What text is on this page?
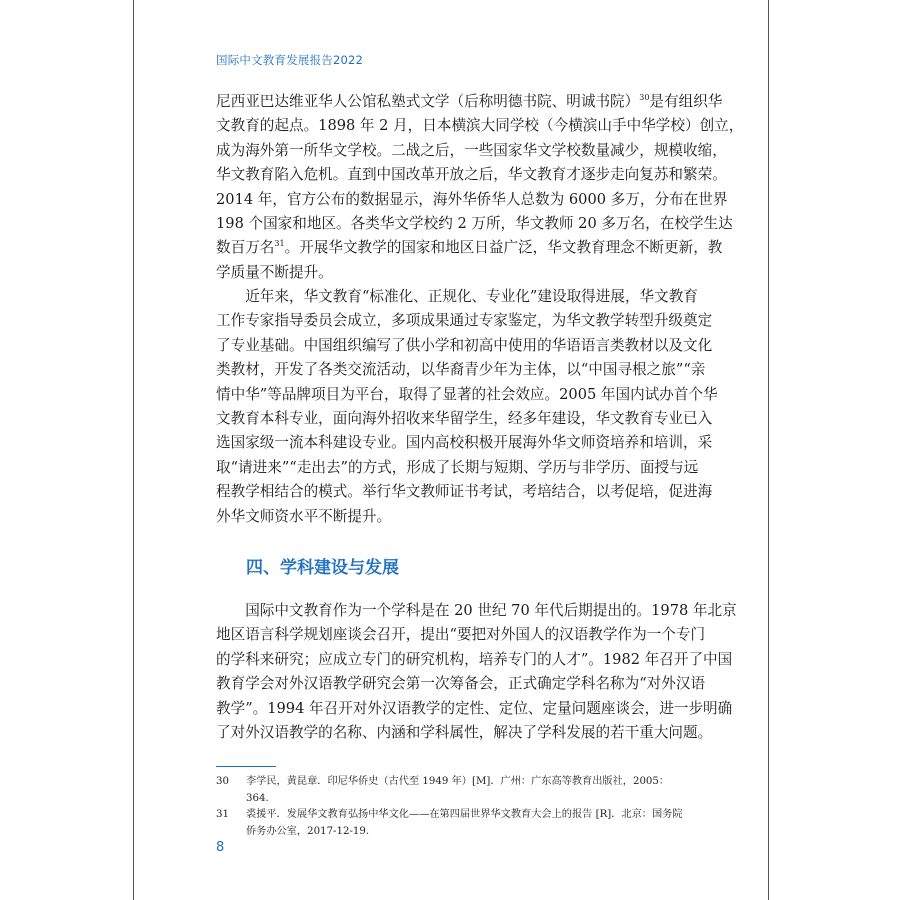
国际中文教育发展报告2022
尼西亚巴达维亚华人公馆私塾式文学（后称明德书院、明诚书院）$^{30}$是有组织华
文教育的起点。1898 年 2 月，日本横滨大同学校（今横滨山手中华学校）创立，
成为海外第一所华文学校。二战之后，一些国家华文学校数量减少，规模收缩，
华文教育陷入危机。直到中国改革开放之后，华文教育才逐步走向复苏和繁荣。
2014 年，官方公布的数据显示，海外华侨华人总数为 6000 多万，分布在世界
198 个国家和地区。各类华文学校约 2 万所，华文教师 20 多万名，在校学生达
数百万名$^{31}$。开展华文教学的国家和地区日益广泛，华文教育理念不断更新，教
学质量不断提升。
　　近年来，华文教育“标准化、正规化、专业化”建设取得进展，华文教育
工作专家指导委员会成立，多项成果通过专家鉴定，为华文教学转型升级奠定
了专业基础。中国组织编写了供小学和初高中使用的华语语言类教材以及文化
类教材，开发了各类交流活动，以华裔青少年为主体，以“中国寻根之旅”“亲
情中华”等品牌项目为平台，取得了显著的社会效应。2005 年国内试办首个华
文教育本科专业，面向海外招收来华留学生，经多年建设，华文教育专业已入
选国家级一流本科建设专业。国内高校积极开展海外华文师资培养和培训，采
取“请进来”“走出去”的方式，形成了长期与短期、学历与非学历、面授与远
程教学相结合的模式。举行华文教师证书考试，考培结合，以考促培，促进海
外华文师资水平不断提升。
四、学科建设与发展
　　国际中文教育作为一个学科是在 20 世纪 70 年代后期提出的。1978 年北京
地区语言科学规划座谈会召开，提出“要把对外国人的汉语教学作为一个专门
的学科来研究；应成立专门的研究机构，培养专门的人才”。1982 年召开了中国
教育学会对外汉语教学研究会第一次筹备会，正式确定学科名称为“对外汉语
教学”。1994 年召开对外汉语教学的定性、定位、定量问题座谈会，进一步明确
了对外汉语教学的名称、内涵和学科属性，解决了学科发展的若干重大问题。

30 李学民，黄昆章．印尼华侨史（古代至 1949 年）[M]．广州：广东高等教育出版社，2005：364.

31 裘援平．发展华文教育弘扬中华文化——在第四届世界华文教育大会上的报告 [R]．北京：国务院侨务办公室，2017-12-19.

8
